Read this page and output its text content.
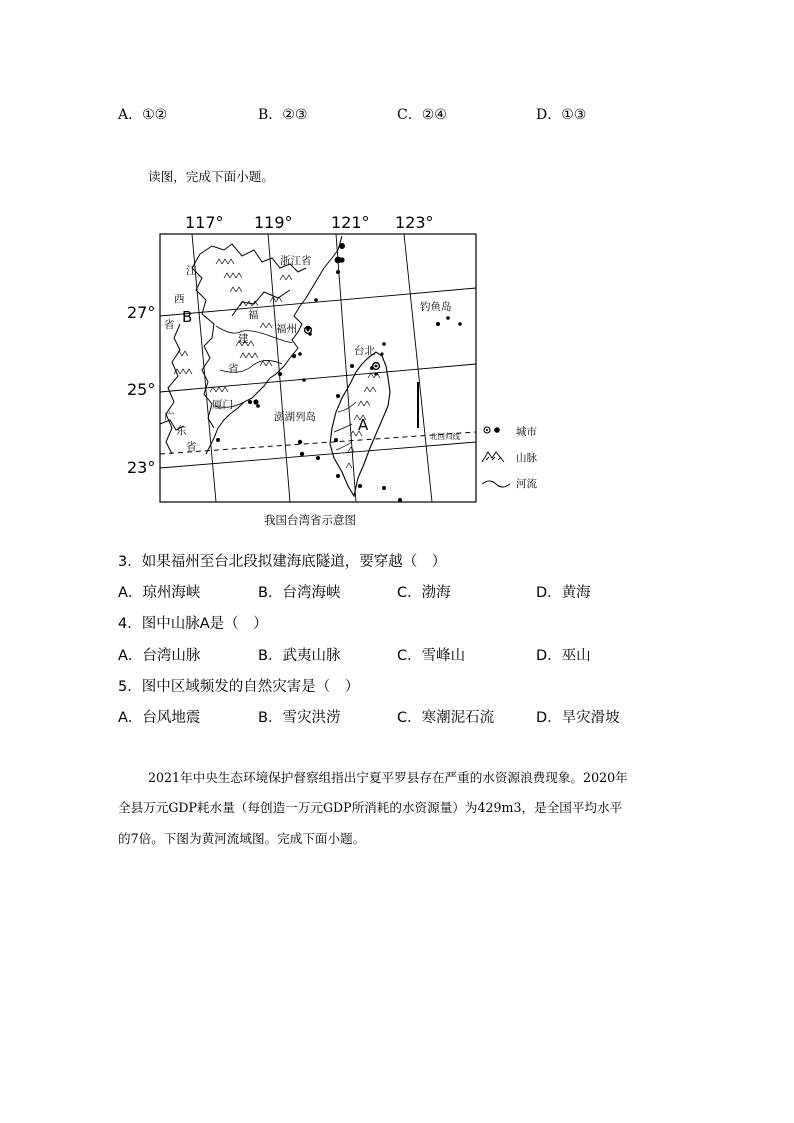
A．①②	B．②③	C．②④	D．①③
读图，完成下面小题。
117° 119° 121° 123°
27°
25°
23°
浙江省
江
西
省
福
建
省
广
东
省
福州
厦门
台北
澎湖列岛
钓鱼岛
北回归线
A
B
城市
山脉
河流
我国台湾省示意图
3．如果福州至台北段拟建海底隧道，要穿越（　）
A．琼州海峡	B．台湾海峡	C．渤海	D．黄海
4．图中山脉A是（　）
A．台湾山脉	B．武夷山脉	C．雪峰山	D．巫山
5．图中区域频发的自然灾害是（　）
A．台风地震	B．雪灾洪涝	C．寒潮泥石流	D．旱灾滑坡
2021年中央生态环境保护督察组指出宁夏平罗县存在严重的水资源浪费现象。2020年
全县万元GDP耗水量（每创造一万元GDP所消耗的水资源量）为429m3，是全国平均水平
的7倍。下图为黄河流域图。完成下面小题。
